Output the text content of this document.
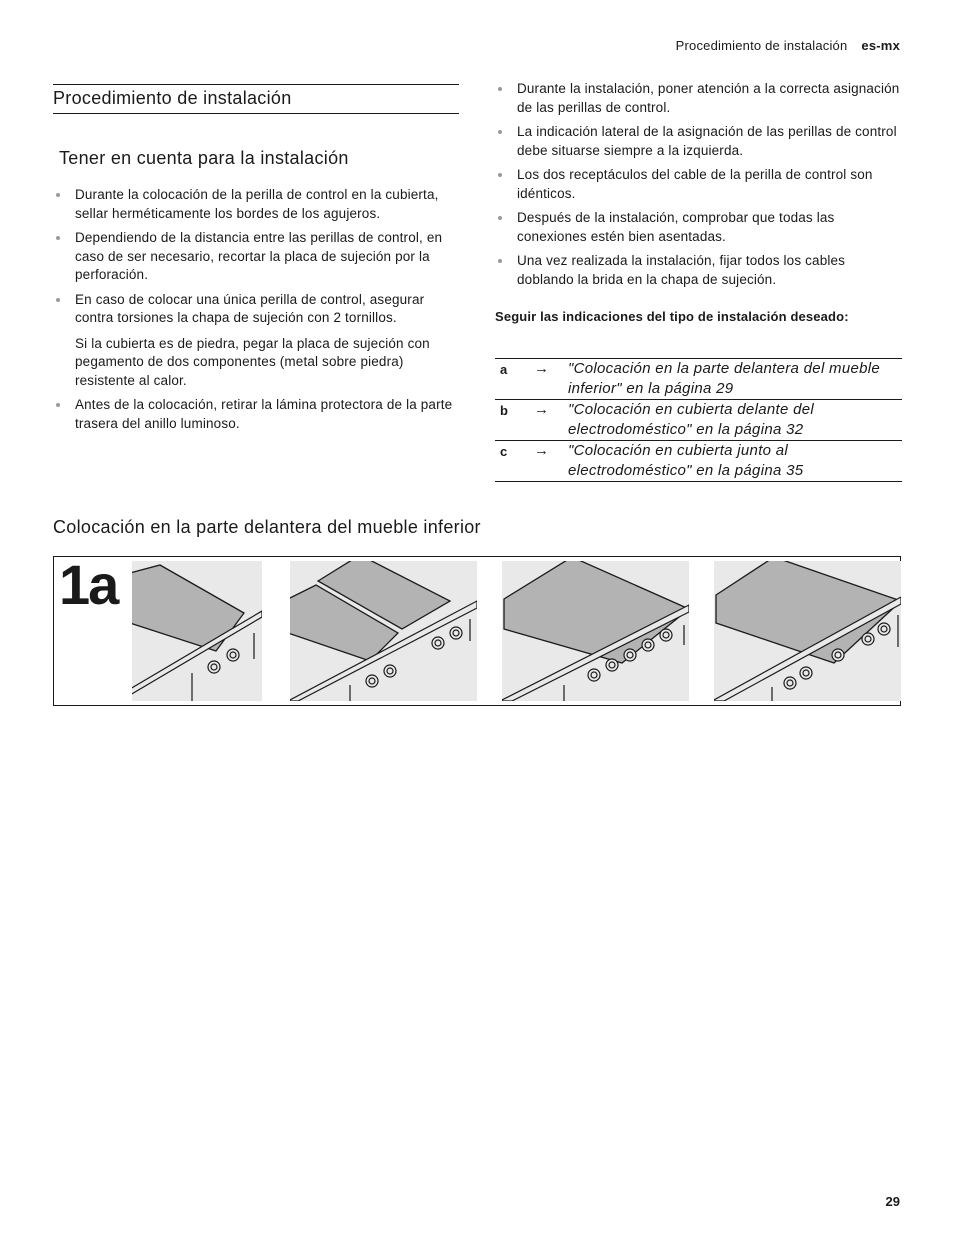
Procedimiento de instalación es-mx
Procedimiento de instalación
Tener en cuenta para la instalación
Durante la colocación de la perilla de control en la cubierta, sellar herméticamente los bordes de los agujeros.
Dependiendo de la distancia entre las perillas de control, en caso de ser necesario, recortar la placa de sujeción por la perforación.
En caso de colocar una única perilla de control, asegurar contra torsiones la chapa de sujeción con 2 tornillos.
Si la cubierta es de piedra, pegar la placa de sujeción con pegamento de dos componentes (metal sobre piedra) resistente al calor.
Antes de la colocación, retirar la lámina protectora de la parte trasera del anillo luminoso.
Durante la instalación, poner atención a la correcta asignación de las perillas de control.
La indicación lateral de la asignación de las perillas de control debe situarse siempre a la izquierda.
Los dos receptáculos del cable de la perilla de control son idénticos.
Después de la instalación, comprobar que todas las conexiones estén bien asentadas.
Una vez realizada la instalación, fijar todos los cables doblando la brida en la chapa de sujeción.
Seguir las indicaciones del tipo de instalación deseado:
a	→	"Colocación en la parte delantera del mueble inferior" en la página 29
b	→	"Colocación en cubierta delante del electrodoméstico" en la página 32
c	→	"Colocación en cubierta junto al electrodoméstico" en la página 35
Colocación en la parte delantera del mueble inferior
1a
29
